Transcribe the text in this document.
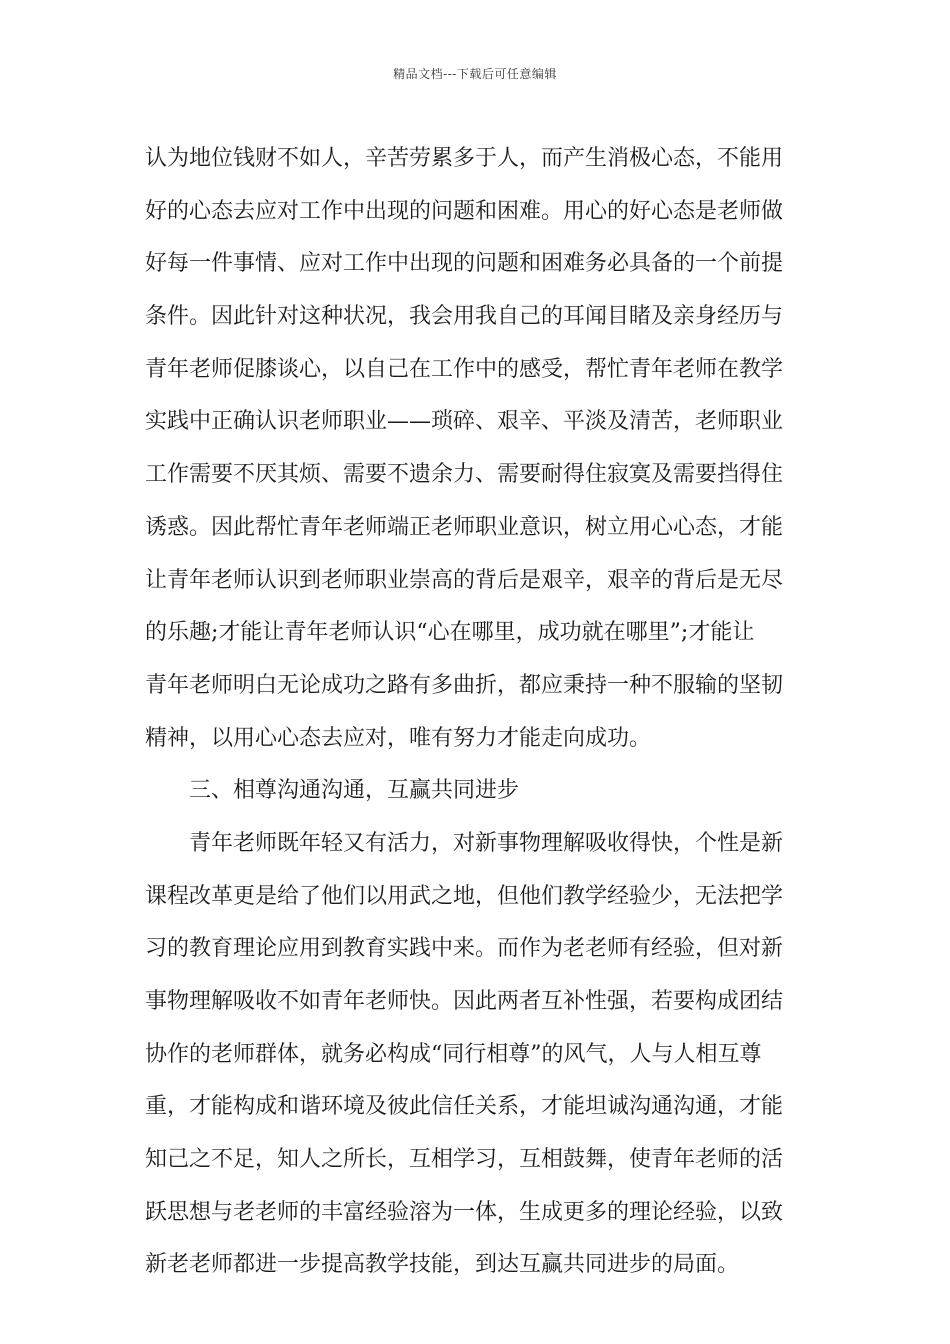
精品文档---下载后可任意编辑
认为地位钱财不如人，辛苦劳累多于人，而产生消极心态，不能用
好的心态去应对工作中出现的问题和困难。用心的好心态是老师做
好每一件事情、应对工作中出现的问题和困难务必具备的一个前提
条件。因此针对这种状况，我会用我自己的耳闻目睹及亲身经历与
青年老师促膝谈心，以自己在工作中的感受，帮忙青年老师在教学
实践中正确认识老师职业——琐碎、艰辛、平淡及清苦，老师职业
工作需要不厌其烦、需要不遗余力、需要耐得住寂寞及需要挡得住
诱惑。因此帮忙青年老师端正老师职业意识，树立用心心态，才能
让青年老师认识到老师职业崇高的背后是艰辛，艰辛的背后是无尽
的乐趣;才能让青年老师认识“心在哪里，成功就在哪里”;才能让
青年老师明白无论成功之路有多曲折，都应秉持一种不服输的坚韧
精神，以用心心态去应对，唯有努力才能走向成功。
三、相尊沟通沟通，互赢共同进步
青年老师既年轻又有活力，对新事物理解吸收得快，个性是新
课程改革更是给了他们以用武之地，但他们教学经验少，无法把学
习的教育理论应用到教育实践中来。而作为老老师有经验，但对新
事物理解吸收不如青年老师快。因此两者互补性强，若要构成团结
协作的老师群体，就务必构成“同行相尊”的风气，人与人相互尊
重，才能构成和谐环境及彼此信任关系，才能坦诚沟通沟通，才能
知己之不足，知人之所长，互相学习，互相鼓舞，使青年老师的活
跃思想与老老师的丰富经验溶为一体，生成更多的理论经验，以致
新老老师都进一步提高教学技能，到达互赢共同进步的局面。
